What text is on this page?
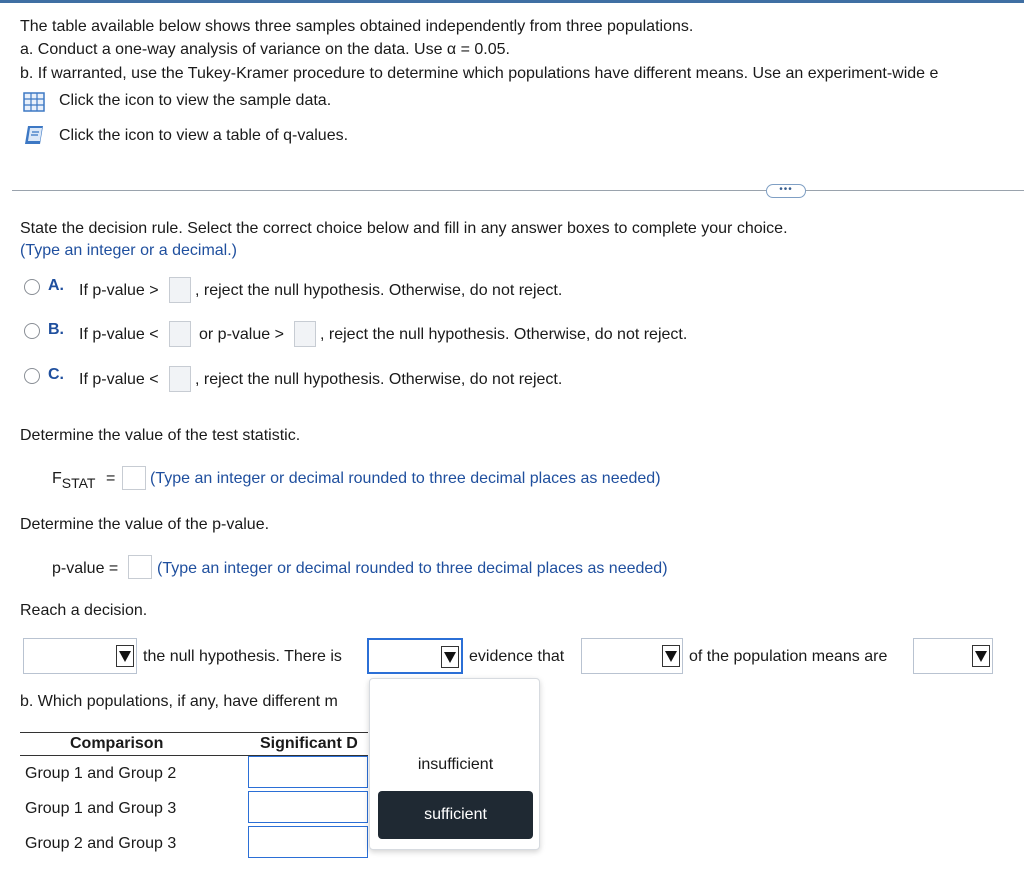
The table available below shows three samples obtained independently from three populations.
a. Conduct a one-way analysis of variance on the data. Use α = 0.05.
b. If warranted, use the Tukey-Kramer procedure to determine which populations have different means. Use an experiment-wide e
Click the icon to view the sample data.
Click the icon to view a table of q-values.
•••
State the decision rule. Select the correct choice below and fill in any answer boxes to complete your choice.
(Type an integer or a decimal.)
A. If p-value > , reject the null hypothesis. Otherwise, do not reject.
B. If p-value <	or p-value > , reject the null hypothesis. Otherwise, do not reject.
C. If p-value < , reject the null hypothesis. Otherwise, do not reject.
Determine the value of the test statistic.
FSTAT = (Type an integer or decimal rounded to three decimal places as needed)
Determine the value of the p-value.
p-value = (Type an integer or decimal rounded to three decimal places as needed)
Reach a decision.
the null hypothesis. There is	evidence that	of the population means are
b. Which populations, if any, have different m
Comparison	Significant D
Group 1 and Group 2
Group 1 and Group 3
Group 2 and Group 3
insufficient
sufficient
